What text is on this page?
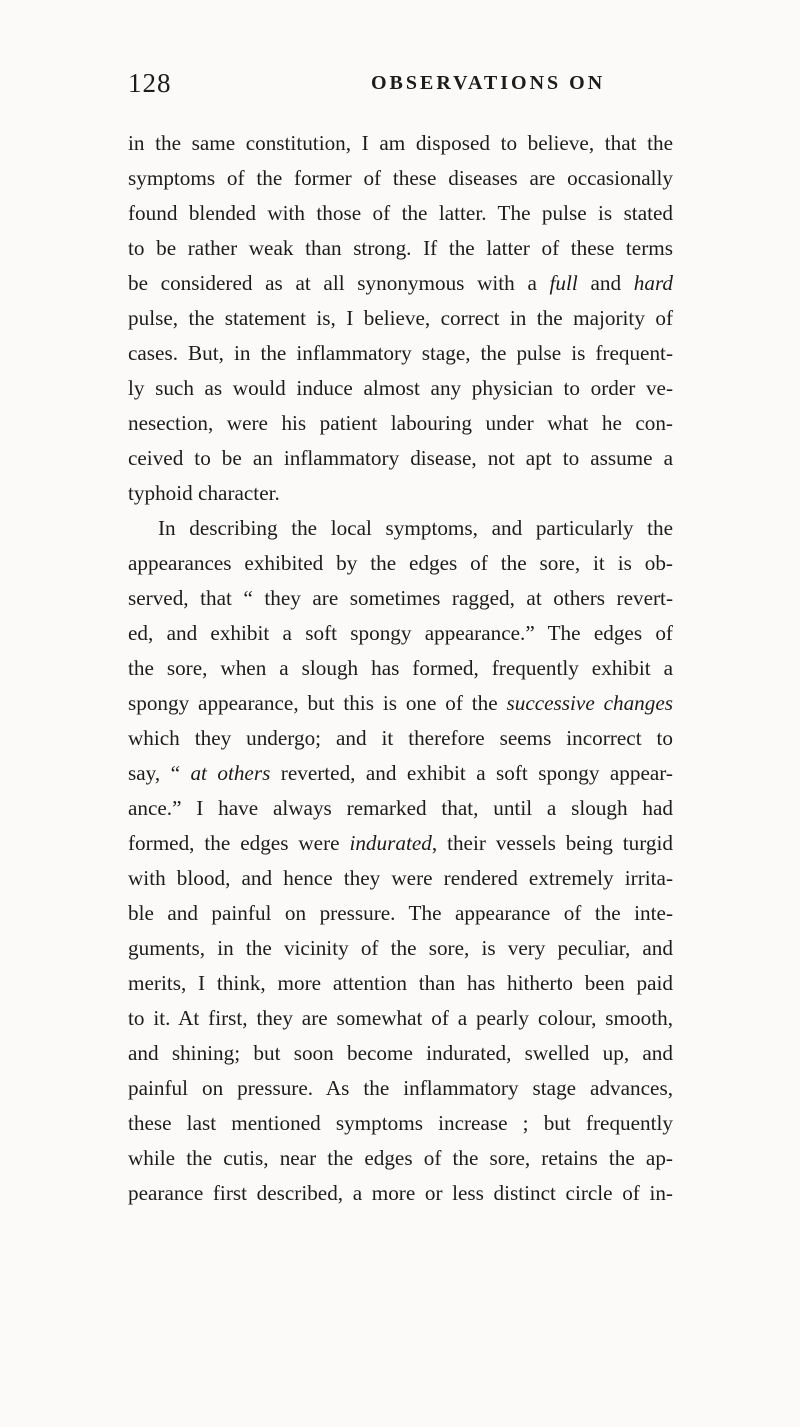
128	OBSERVATIONS ON
in the same constitution, I am disposed to believe, that the
symptoms of the former of these diseases are occasionally
found blended with those of the latter. The pulse is stated
to be rather weak than strong. If the latter of these terms
be considered as at all synonymous with a full and hard
pulse, the statement is, I believe, correct in the majority of
cases. But, in the inflammatory stage, the pulse is frequent-
ly such as would induce almost any physician to order ve-
nesection, were his patient labouring under what he con-
ceived to be an inflammatory disease, not apt to assume a
typhoid character.
In describing the local symptoms, and particularly the
appearances exhibited by the edges of the sore, it is ob-
served, that “ they are sometimes ragged, at others revert-
ed, and exhibit a soft spongy appearance.” The edges of
the sore, when a slough has formed, frequently exhibit a
spongy appearance, but this is one of the successive changes
which they undergo; and it therefore seems incorrect to
say, “ at others reverted, and exhibit a soft spongy appear-
ance.” I have always remarked that, until a slough had
formed, the edges were indurated, their vessels being turgid
with blood, and hence they were rendered extremely irrita-
ble and painful on pressure. The appearance of the inte-
guments, in the vicinity of the sore, is very peculiar, and
merits, I think, more attention than has hitherto been paid
to it. At first, they are somewhat of a pearly colour, smooth,
and shining; but soon become indurated, swelled up, and
painful on pressure. As the inflammatory stage advances,
these last mentioned symptoms increase ; but frequently
while the cutis, near the edges of the sore, retains the ap-
pearance first described, a more or less distinct circle of in-
